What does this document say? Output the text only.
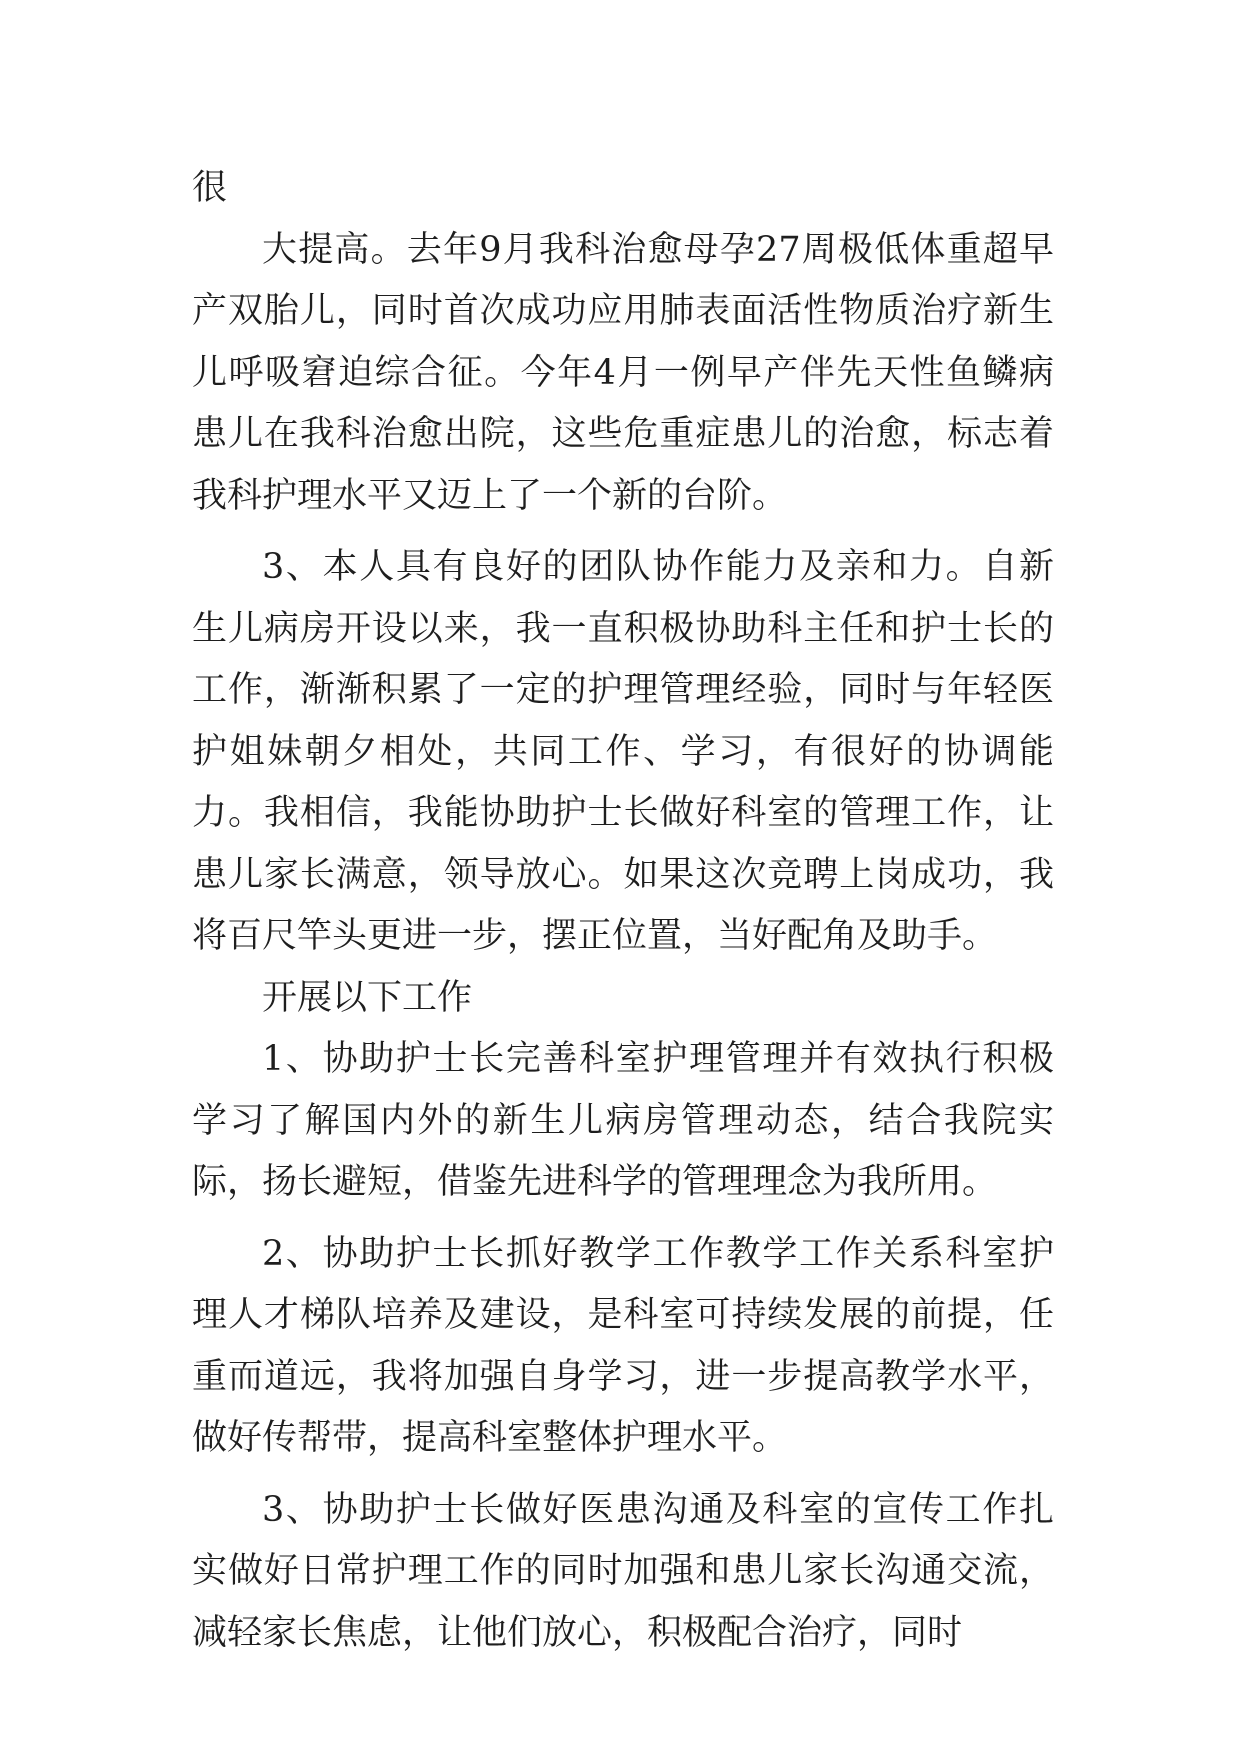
很

大提高。去年9月我科治愈母孕27周极低体重超早产双胎儿，同时首次成功应用肺表面活性物质治疗新生儿呼吸窘迫综合征。今年4月一例早产伴先天性鱼鳞病患儿在我科治愈出院，这些危重症患儿的治愈，标志着我科护理水平又迈上了一个新的台阶。

3、本人具有良好的团队协作能力及亲和力。自新生儿病房开设以来，我一直积极协助科主任和护士长的工作，渐渐积累了一定的护理管理经验，同时与年轻医护姐妹朝夕相处，共同工作、学习，有很好的协调能力。我相信，我能协助护士长做好科室的管理工作，让患儿家长满意，领导放心。如果这次竞聘上岗成功，我将百尺竿头更进一步，摆正位置，当好配角及助手。

开展以下工作

1、协助护士长完善科室护理管理并有效执行积极学习了解国内外的新生儿病房管理动态，结合我院实际，扬长避短，借鉴先进科学的管理理念为我所用。

2、协助护士长抓好教学工作教学工作关系科室护理人才梯队培养及建设，是科室可持续发展的前提，任重而道远，我将加强自身学习，进一步提高教学水平，做好传帮带，提高科室整体护理水平。

3、协助护士长做好医患沟通及科室的宣传工作扎实做好日常护理工作的同时加强和患儿家长沟通交流，减轻家长焦虑，让他们放心，积极配合治疗，同时
